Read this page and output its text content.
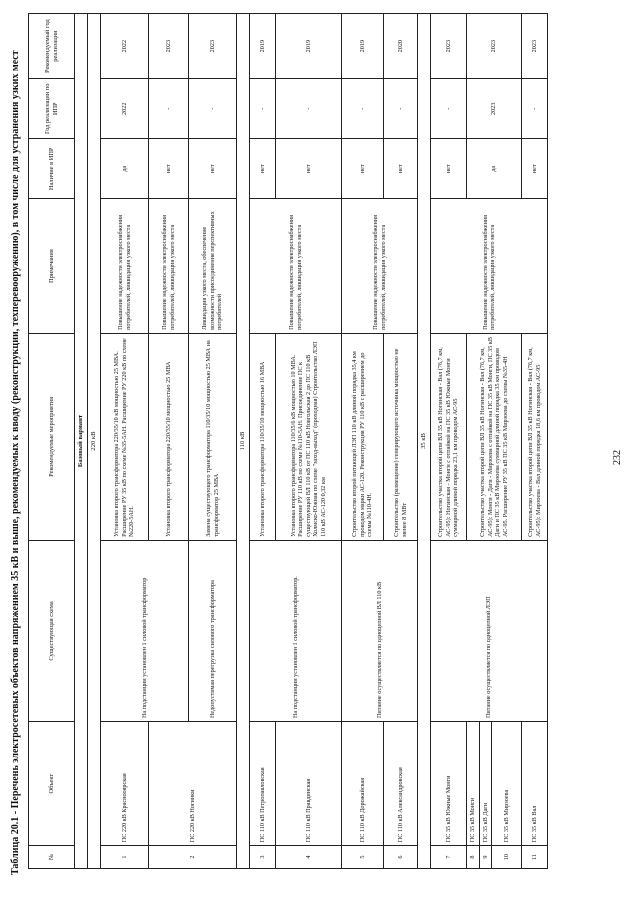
Таблица 20.1 - Перечень электросетевых объектов напряжением 35 кВ и выше, рекомендуемых к вводу (реконструкции, техперевооружению), в том числе для устранения узких мест	№	Объект	Существующая схема	Рекомендуемые мероприятия	Примечания	Наличие в ИПР	Год реализации по ИПР	Рекомендуемый год реализации
Базовый вариант							
220 кВ							
1	ПС 220 кВ Краснооярская	На подстанции установлен 1 силовой трансформатор	Установка второго трансформатора 220/35/10 кВ мощностью 25 МВА. Расширение РУ 35 кВ по схеме №35-5АН. Расширение РУ 220 кВ по схеме №220-5АН.	Повышение надежности электроснабжения потребителей, ликвидация узкого места	да	2022	2022
2	ПС 220 кВ Ногинки		Установка второго трансформатора 220/35/10 мощностью 25 МВА	Повышение надежности электроснабжения потребителей, ликвидация узкого места	нет	-	2023
		Недопустимая перегрузка силового трансформатора	Замена существующего трансформатора 110/35/10 мощностью 25 МВА на трансформатор 25 МВА	Ликвидация узкого места, обеспечение возможности присоединения перспективных потребителей	нет	-	2023
110 кВ							
3	ПС 110 кВ Петропавловская	На подстанции установлен 1 силовой трансформатор.	Установка второго трансформатора 110/35/10 мощностью 16 МВА	Повышение надежности электроснабжения потребителей, ликвидация узкого места	нет	-	2019
4	ПС 110 кВ Правдинская		Установка второго трансформатора 110/35/6 кВ мощностью 10 МВА. Расширение РУ 110 кВ по схеме №110-5АН. Присоединение ПС к существующей ВЛ 110 кВ от ПС 110 кВ Новгольская 2 до ПС 110 кВ Холмско-Южная по схеме "заход-выход" (проходная) Строительство ЛЭП 110 кВ АС-120 0,32 км		нет	-	2019
5	ПС 110 кВ Дорожайская	Питание осуществляется по одноцепной ВЛ 110 кВ	Строительство второй питающей ЛЭП 110 кВ длиной порядка 35,4 км проводом марки АС-120. Реконструкция РУ 110 кВ с расширением до схемы №110-4Н.	Повышение надежности электроснабжения потребителей, ликвидация узкого места	нет	-	2019
6	ПС 110 кВ Александровская		Строительство (размещение) генерирующего источника мощностью не менее 8 МВт		нет	-	2020
35 кВ							
7	ПС 35 кВ Южные Монги	Питание осуществляется по одноцепной ЛЭП	Строительство участка второй цепи ВЛ 35 кВ Ногинская - Вал (76,7 км, АС-95): Ногинская - Монги с отпайкой на ПС 35 кВ Южные Монги суммарной длиной порядка 23,1 км проводом АС-95	Повышение надежности электроснабжения потребителей, ликвидация узкого места	нет	-	2023
8	ПС 35 кВ Монги		Строительство участка второй цепи ВЛ 35 кВ Ногинская - Вал (76,7 км, АС-95): Монги - Даги - Мирзоева с отпайкой на ПС 35 кВ Монги, ПС 35 кВ Даги и ПС 35 кВ Мирзоева суммарной длиной порядка 35 км проводом АС-95. Расширение РУ 35 кВ ПС 35 кВ Мирзоева до схемы №35-4Н		да	2023	2023
9	ПС 35 кВ Даги						
10	ПС 35 кВ Мирзоева						
11	ПС 35 кВ Вал		Строительство участка второй цепи ВЛ 35 кВ Ногинская - Вал (76,7 км, АС-95): Мирзоева - Вал длиной порядка 18,6 км проводом АС-95		нет	-	2023
232
